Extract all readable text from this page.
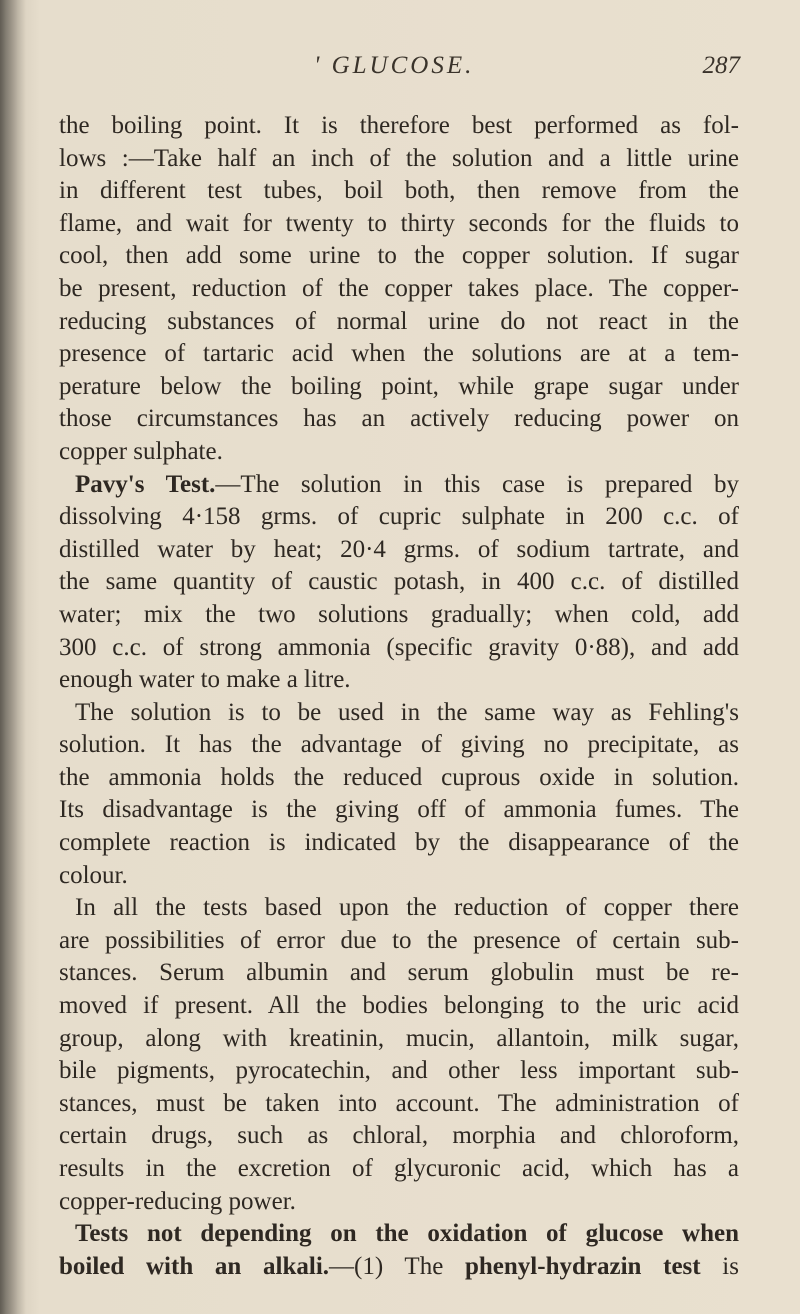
' GLUCOSE.	287
the boiling point. It is therefore best performed as fol-
lows :—Take half an inch of the solution and a little urine
in different test tubes, boil both, then remove from the
flame, and wait for twenty to thirty seconds for the fluids to
cool, then add some urine to the copper solution. If sugar
be present, reduction of the copper takes place. The copper-
reducing substances of normal urine do not react in the
presence of tartaric acid when the solutions are at a tem-
perature below the boiling point, while grape sugar under
those circumstances has an actively reducing power on
copper sulphate.
Pavy's Test.—The solution in this case is prepared by
dissolving 4·158 grms. of cupric sulphate in 200 c.c. of
distilled water by heat; 20·4 grms. of sodium tartrate, and
the same quantity of caustic potash, in 400 c.c. of distilled
water; mix the two solutions gradually; when cold, add
300 c.c. of strong ammonia (specific gravity 0·88), and add
enough water to make a litre.
The solution is to be used in the same way as Fehling's
solution. It has the advantage of giving no precipitate, as
the ammonia holds the reduced cuprous oxide in solution.
Its disadvantage is the giving off of ammonia fumes. The
complete reaction is indicated by the disappearance of the
colour.
In all the tests based upon the reduction of copper there
are possibilities of error due to the presence of certain sub-
stances. Serum albumin and serum globulin must be re-
moved if present. All the bodies belonging to the uric acid
group, along with kreatinin, mucin, allantoin, milk sugar,
bile pigments, pyrocatechin, and other less important sub-
stances, must be taken into account. The administration of
certain drugs, such as chloral, morphia and chloroform,
results in the excretion of glycuronic acid, which has a
copper-reducing power.
Tests not depending on the oxidation of glucose when
boiled with an alkali.—(1) The phenyl-hydrazin test is
